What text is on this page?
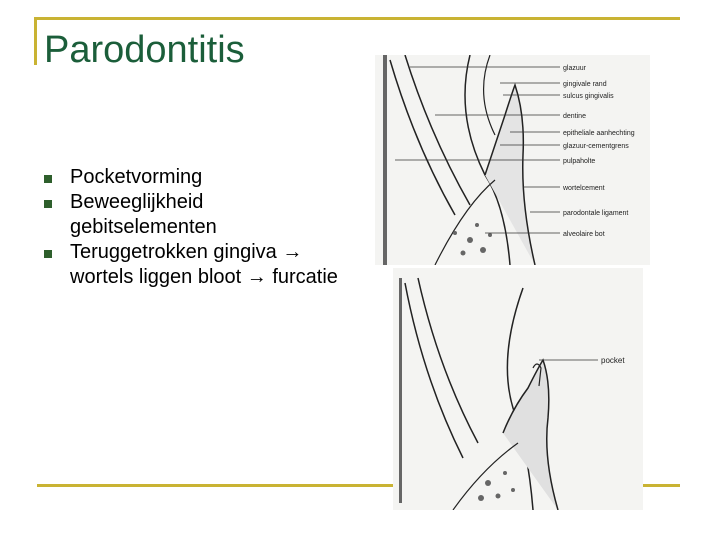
Parodontitis
Pocketvorming
Beweeglijkheid gebitselementen
Teruggetrokken gingiva → wortels liggen bloot → furcatie
glazuur
gingivale rand
sulcus gingivalis
dentine
epitheliale aanhechting
glazuur-cementgrens
pulpaholte
wortelcement
parodontale ligament
alveolaire bot
pocket
